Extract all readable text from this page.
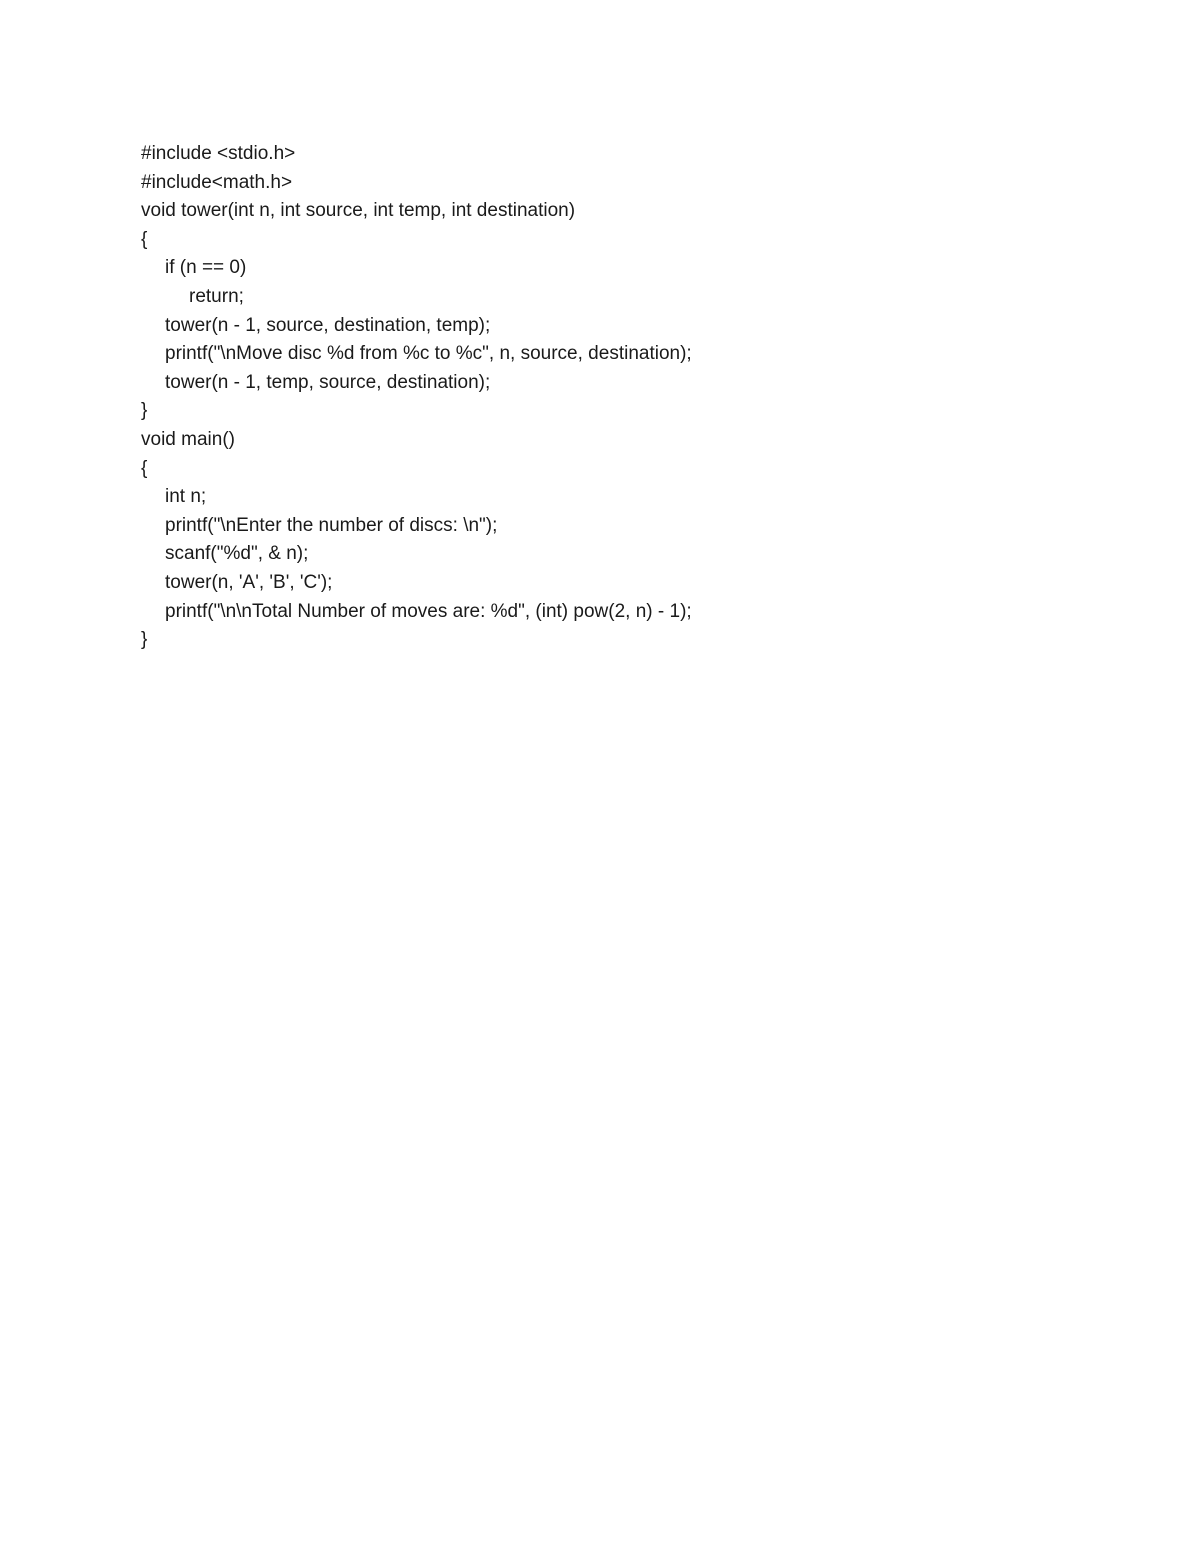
#include <stdio.h>
#include<math.h>
void tower(int n, int source, int temp, int destination)
{
if (n == 0)
return;
tower(n - 1, source, destination, temp);
printf("\nMove disc %d from %c to %c", n, source, destination);
tower(n - 1, temp, source, destination);
}
void main()
{
int n;
printf("\nEnter the number of discs: \n");
scanf("%d", & n);
tower(n, 'A', 'B', 'C');
printf("\n\nTotal Number of moves are: %d", (int) pow(2, n) - 1);
}
